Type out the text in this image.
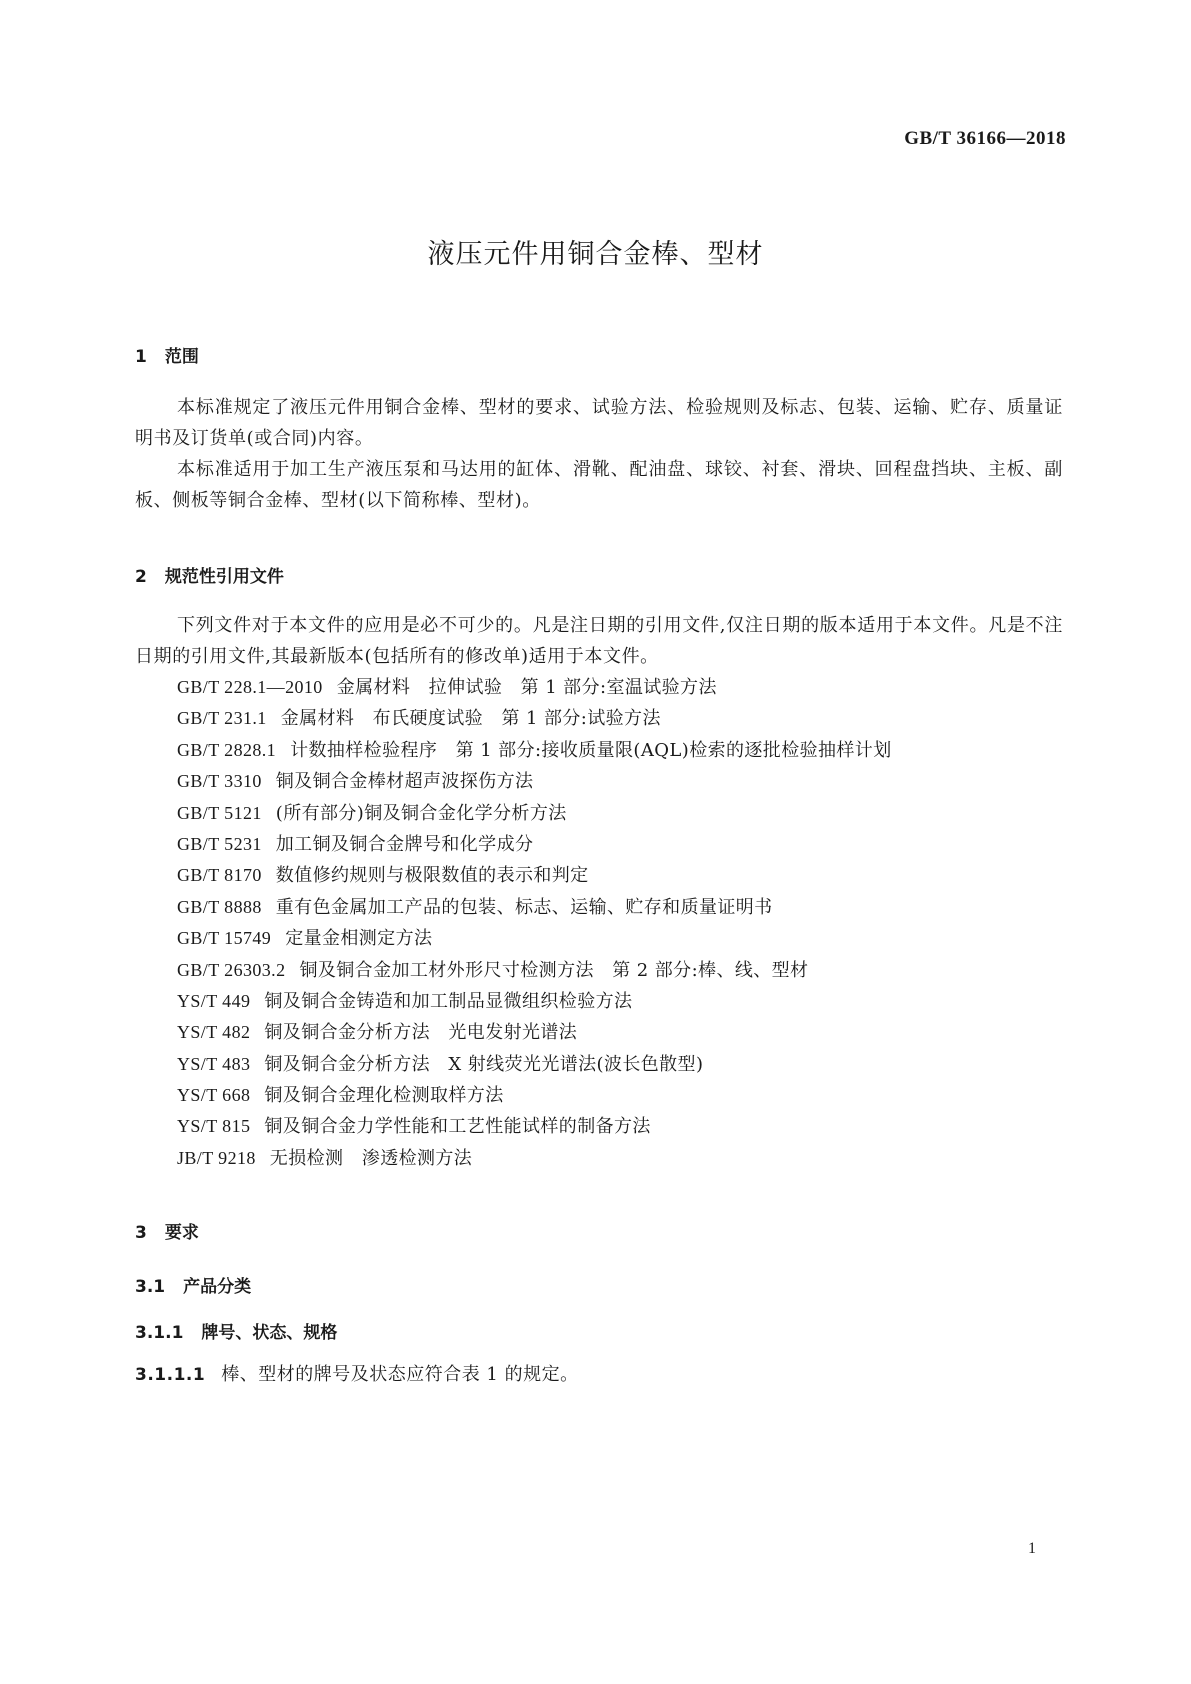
GB/T 36166—2018
液压元件用铜合金棒、型材
1 范围
本标准规定了液压元件用铜合金棒、型材的要求、试验方法、检验规则及标志、包装、运输、贮存、质量证明书及订货单(或合同)内容。
本标准适用于加工生产液压泵和马达用的缸体、滑靴、配油盘、球铰、衬套、滑块、回程盘挡块、主板、副板、侧板等铜合金棒、型材(以下简称棒、型材)。
2 规范性引用文件
下列文件对于本文件的应用是必不可少的。凡是注日期的引用文件,仅注日期的版本适用于本文件。凡是不注日期的引用文件,其最新版本(包括所有的修改单)适用于本文件。
GB/T 228.1—2010 金属材料　拉伸试验　第 1 部分:室温试验方法
GB/T 231.1 金属材料　布氏硬度试验　第 1 部分:试验方法
GB/T 2828.1 计数抽样检验程序　第 1 部分:接收质量限(AQL)检索的逐批检验抽样计划
GB/T 3310 铜及铜合金棒材超声波探伤方法
GB/T 5121 (所有部分)铜及铜合金化学分析方法
GB/T 5231 加工铜及铜合金牌号和化学成分
GB/T 8170 数值修约规则与极限数值的表示和判定
GB/T 8888 重有色金属加工产品的包装、标志、运输、贮存和质量证明书
GB/T 15749 定量金相测定方法
GB/T 26303.2 铜及铜合金加工材外形尺寸检测方法　第 2 部分:棒、线、型材
YS/T 449 铜及铜合金铸造和加工制品显微组织检验方法
YS/T 482 铜及铜合金分析方法　光电发射光谱法
YS/T 483 铜及铜合金分析方法　X 射线荧光光谱法(波长色散型)
YS/T 668 铜及铜合金理化检测取样方法
YS/T 815 铜及铜合金力学性能和工艺性能试样的制备方法
JB/T 9218 无损检测　渗透检测方法
3 要求
3.1 产品分类
3.1.1 牌号、状态、规格
3.1.1.1 棒、型材的牌号及状态应符合表 1 的规定。
1
